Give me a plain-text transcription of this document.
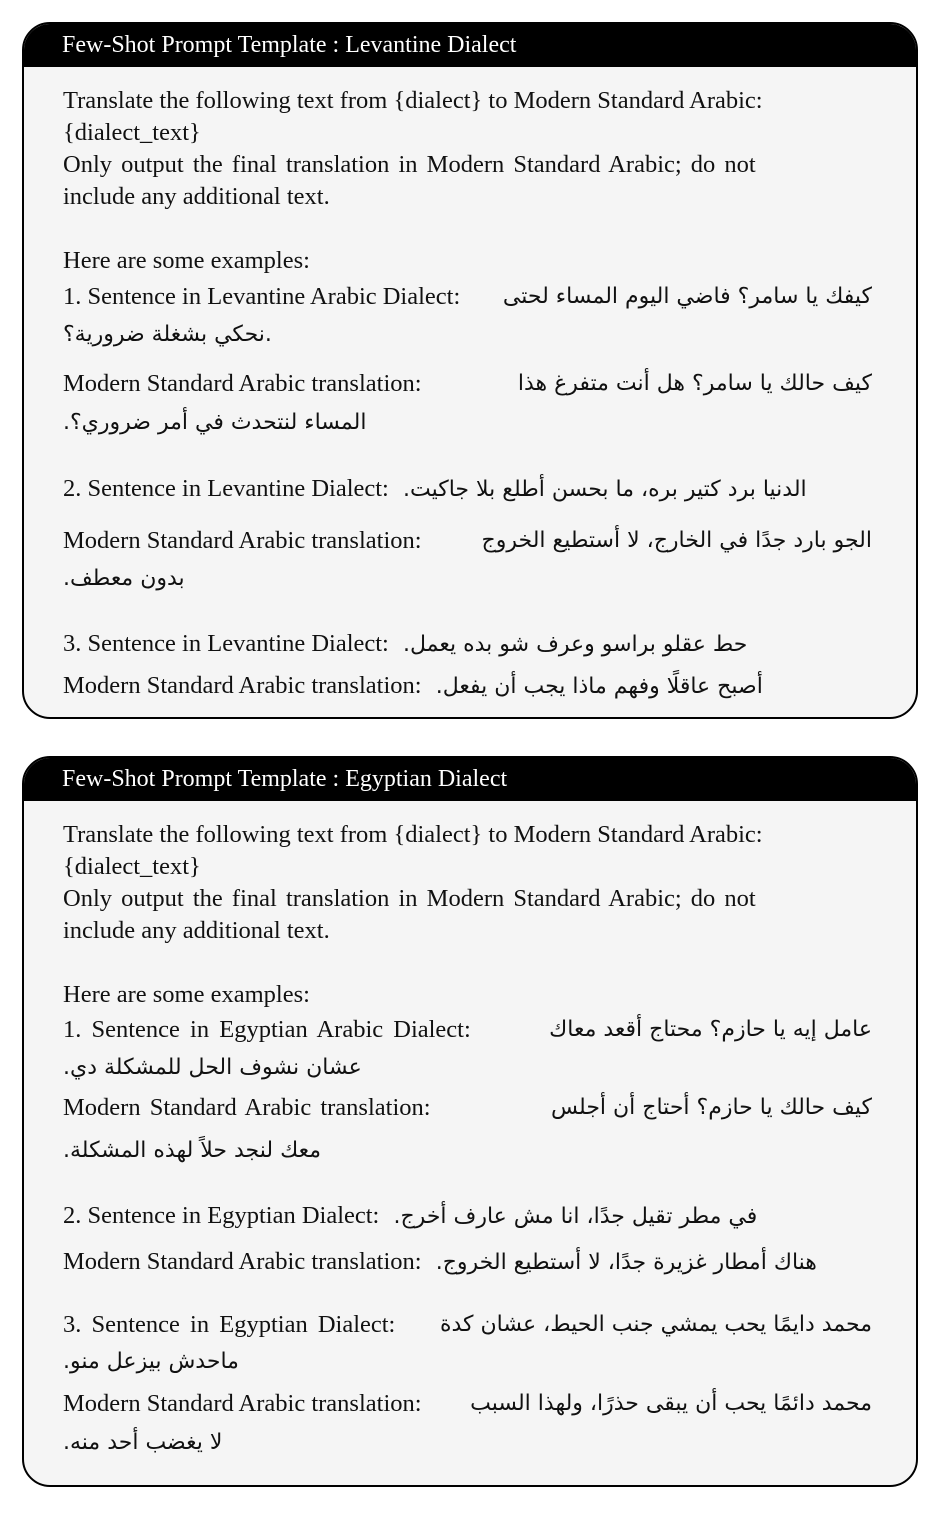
Few-Shot Prompt Template : Levantine Dialect
Translate the following text from {dialect} to Modern Standard Arabic:
{dialect_text}
Only output the final translation in Modern Standard Arabic; do not
include any additional text.
Here are some examples:
1. Sentence in Levantine Arabic Dialect: كيفك يا سامر؟ فاضي اليوم المساء لحتى
.نحكي بشغلة ضرورية؟
Modern Standard Arabic translation:	كيف حالك يا سامر؟ هل أنت متفرغ هذا
المساء لنتحدث في أمر ضروري؟.
2. Sentence in Levantine Dialect: الدنيا برد كتير بره، ما بحسن أطلع بلا جاكيت.
Modern Standard Arabic translation:	الجو بارد جدًا في الخارج، لا أستطيع الخروج
بدون معطف.
3. Sentence in Levantine Dialect: حط عقلو براسو وعرف شو بده يعمل.
Modern Standard Arabic translation: أصبح عاقلًا وفهم ماذا يجب أن يفعل.
Few-Shot Prompt Template : Egyptian Dialect
Translate the following text from {dialect} to Modern Standard Arabic:
{dialect_text}
Only output the final translation in Modern Standard Arabic; do not
include any additional text.
Here are some examples:
1. Sentence in Egyptian Arabic Dialect:	عامل إيه يا حازم؟ محتاج أقعد معاك
عشان نشوف الحل للمشكلة دي.
Modern Standard Arabic translation:	كيف حالك يا حازم؟ أحتاج أن أجلس
معك لنجد حلاً لهذه المشكلة.
2. Sentence in Egyptian Dialect: في مطر تقيل جدًا، انا مش عارف أخرج.
Modern Standard Arabic translation: هناك أمطار غزيرة جدًا، لا أستطيع الخروج.
3. Sentence in Egyptian Dialect: محمد دايمًا يحب يمشي جنب الحيط، عشان كدة
ماحدش بيزعل منو.
Modern Standard Arabic translation: محمد دائمًا يحب أن يبقى حذرًا، ولهذا السبب
لا يغضب أحد منه.
